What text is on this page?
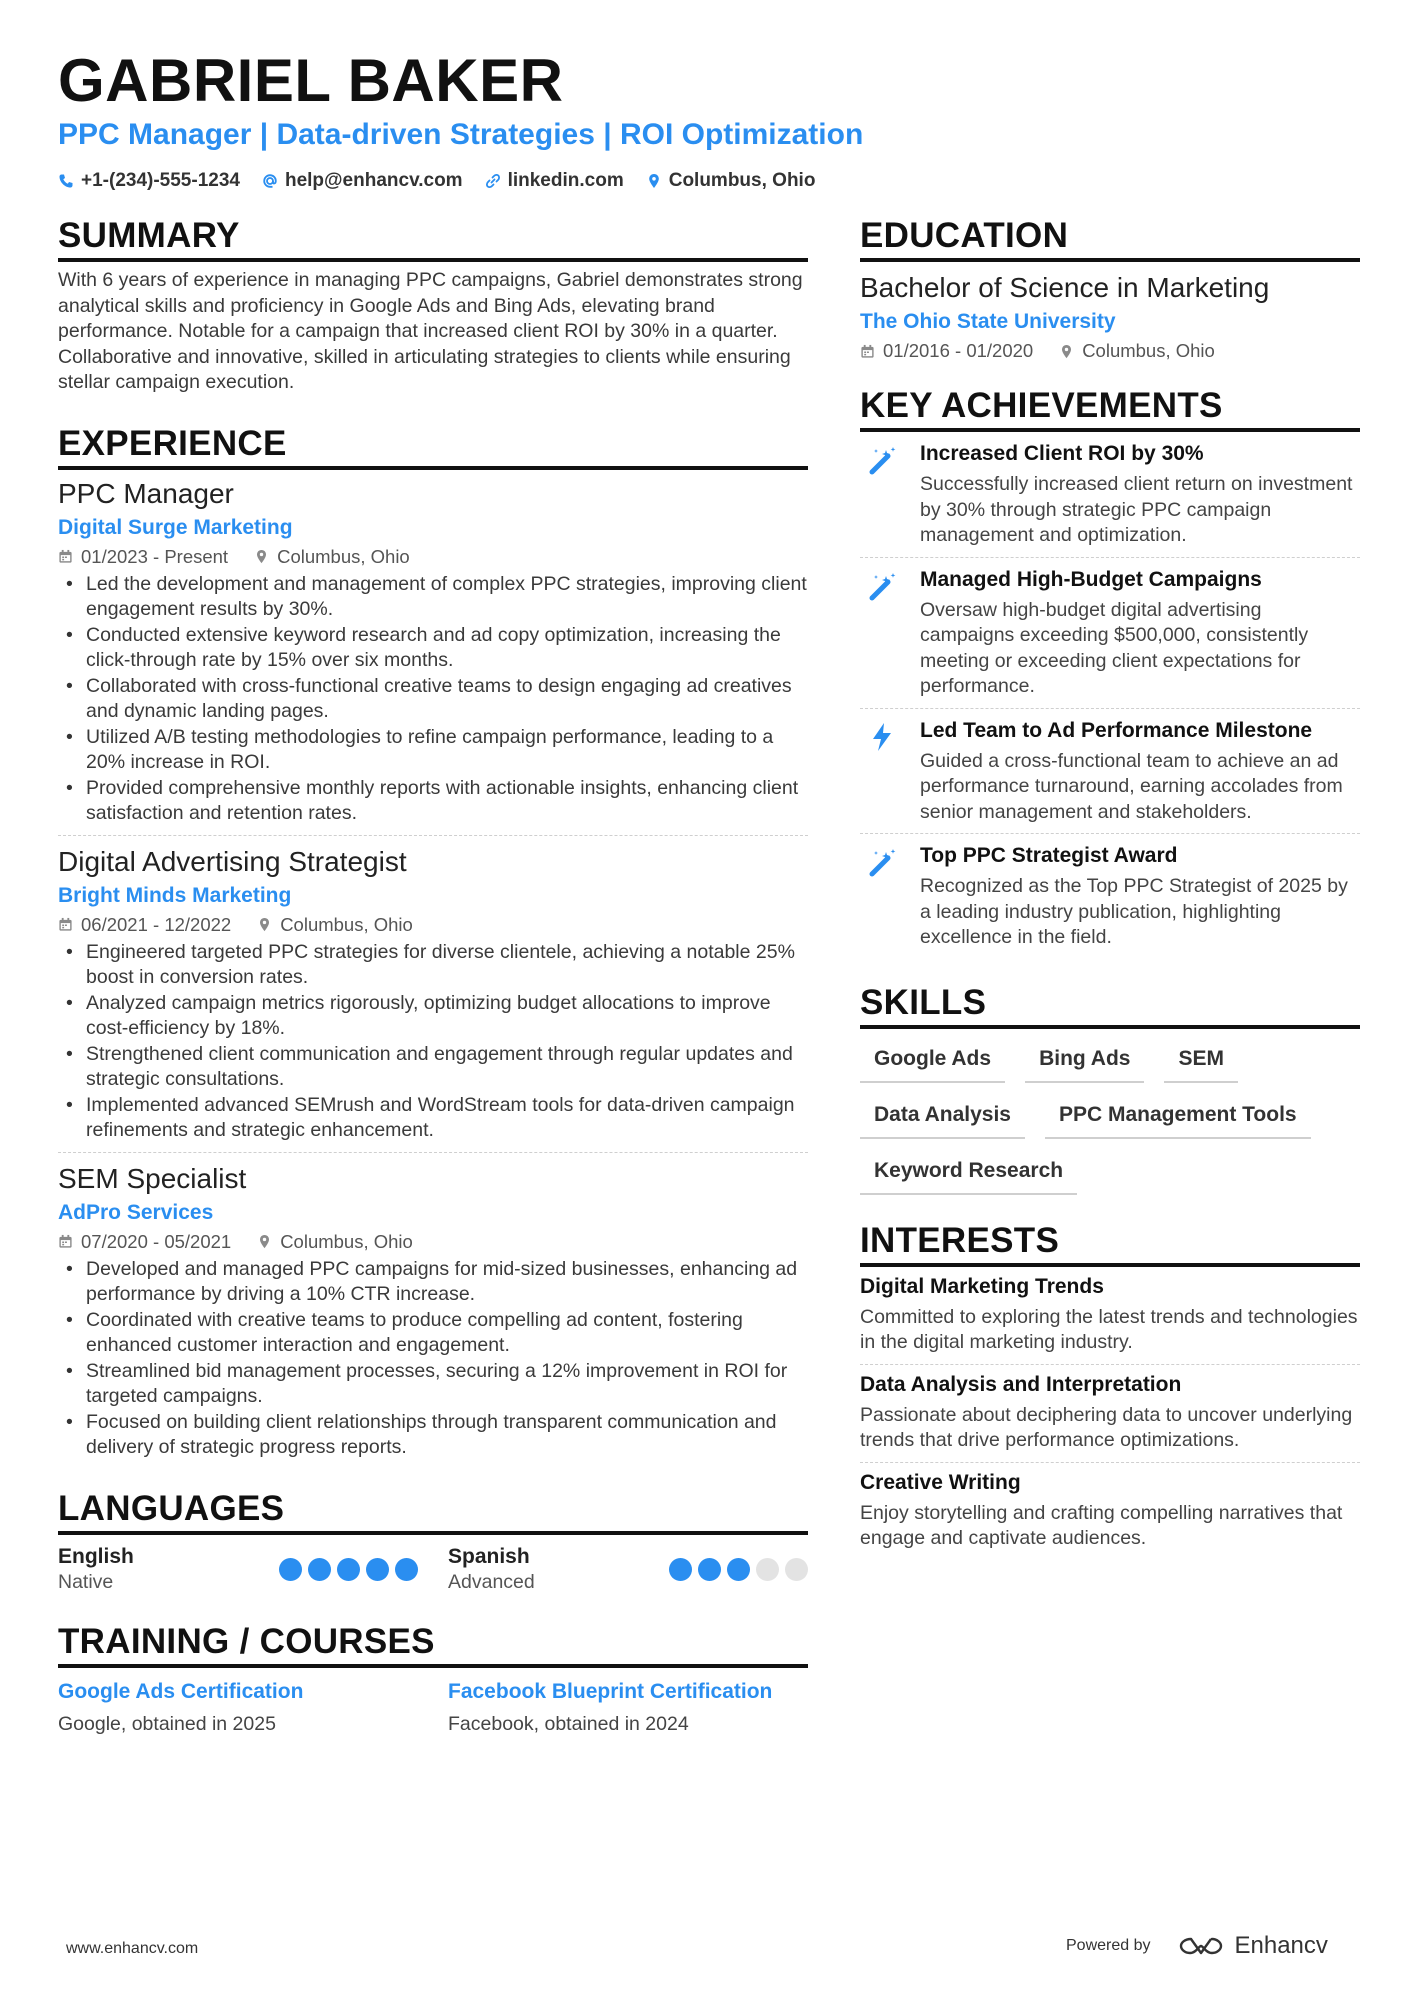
GABRIEL BAKER
PPC Manager | Data-driven Strategies | ROI Optimization
+1-(234)-555-1234 help@enhancv.com linkedin.com Columbus, Ohio
SUMMARY
With 6 years of experience in managing PPC campaigns, Gabriel demonstrates strong analytical skills and proficiency in Google Ads and Bing Ads, elevating brand performance. Notable for a campaign that increased client ROI by 30% in a quarter. Collaborative and innovative, skilled in articulating strategies to clients while ensuring stellar campaign execution.
EXPERIENCE
PPC Manager
Digital Surge Marketing
01/2023 - Present	Columbus, Ohio
• Led the development and management of complex PPC strategies, improving client engagement results by 30%.
• Conducted extensive keyword research and ad copy optimization, increasing the click-through rate by 15% over six months.
• Collaborated with cross-functional creative teams to design engaging ad creatives and dynamic landing pages.
• Utilized A/B testing methodologies to refine campaign performance, leading to a 20% increase in ROI.
• Provided comprehensive monthly reports with actionable insights, enhancing client satisfaction and retention rates.
Digital Advertising Strategist
Bright Minds Marketing
06/2021 - 12/2022	Columbus, Ohio
• Engineered targeted PPC strategies for diverse clientele, achieving a notable 25% boost in conversion rates.
• Analyzed campaign metrics rigorously, optimizing budget allocations to improve cost-efficiency by 18%.
• Strengthened client communication and engagement through regular updates and strategic consultations.
• Implemented advanced SEMrush and WordStream tools for data-driven campaign refinements and strategic enhancement.
SEM Specialist
AdPro Services
07/2020 - 05/2021	Columbus, Ohio
• Developed and managed PPC campaigns for mid-sized businesses, enhancing ad performance by driving a 10% CTR increase.
• Coordinated with creative teams to produce compelling ad content, fostering enhanced customer interaction and engagement.
• Streamlined bid management processes, securing a 12% improvement in ROI for targeted campaigns.
• Focused on building client relationships through transparent communication and delivery of strategic progress reports.
LANGUAGES
English
Native
Spanish
Advanced
TRAINING / COURSES
Google Ads Certification
Google, obtained in 2025
Facebook Blueprint Certification
Facebook, obtained in 2024
EDUCATION
Bachelor of Science in Marketing
The Ohio State University
01/2016 - 01/2020	Columbus, Ohio
KEY ACHIEVEMENTS
Increased Client ROI by 30%
Successfully increased client return on investment by 30% through strategic PPC campaign management and optimization.
Managed High-Budget Campaigns
Oversaw high-budget digital advertising campaigns exceeding $500,000, consistently meeting or exceeding client expectations for performance.
Led Team to Ad Performance Milestone
Guided a cross-functional team to achieve an ad performance turnaround, earning accolades from senior management and stakeholders.
Top PPC Strategist Award
Recognized as the Top PPC Strategist of 2025 by a leading industry publication, highlighting excellence in the field.
SKILLS
Google Ads	Bing Ads	SEM
Data Analysis	PPC Management Tools
Keyword Research
INTERESTS
Digital Marketing Trends
Committed to exploring the latest trends and technologies in the digital marketing industry.
Data Analysis and Interpretation
Passionate about deciphering data to uncover underlying trends that drive performance optimizations.
Creative Writing
Enjoy storytelling and crafting compelling narratives that engage and captivate audiences.
www.enhancv.com	Powered by	Enhancv
